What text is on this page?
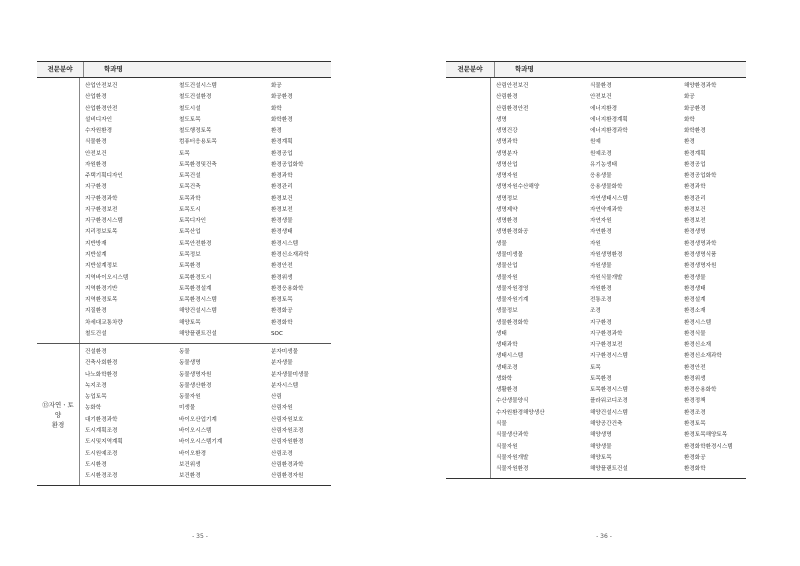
전문분야	학과명
산업안전보건	철도건설시스템	화공
산업환경	철도건설환경	화공환경
산업환경안전	철도시설	화학
설비디자인	철도토목	화학환경
수자원환경	철도행정토목	환경
식물환경	컴퓨터응용토목	환경계획
안전보건	토목	환경공업
자원환경	토목환경및건축	환경공업화학
주택기획디자인	토목건설	환경과학
지구환경	토목건축	환경관리
지구환경과학	토목과학	환경보건
지구환경보전	토목도시	환경보전
지구환경시스템	토목디자인	환경생물
지리정보토목	토목산업	환경생태
지반방재	토목안전환경	환경시스템
지반설계	토목정보	환경신소재과학
지반설계정보	토목환경	환경안전
지역바이오시스템	토목환경도시	환경위생
지역환경기반	토목환경설계	환경응용화학
지역환경토목	토목환경시스템	환경토목
지질환경	해양건설시스템	환경화공
차세대교통차량	해양토목	환경화학
철도건설	해양플랜트건설	SOC
⑬자연ㆍ토
양
환경
건설환경	동물	분자미생물
건축사회환경	동물생명	분자생물
나노화학환경	동물생명자원	분자생물미생물
녹지조경	동물생산환경	분자시스템
농업토목	동물자원	산림
농화학	미생물	산림자원
대기환경과학	바이오산업기계	산림자원보호
도시계획조경	바이오시스템	산림자원조경
도시및지역계획	바이오시스템기계	산림자원환경
도시원예조경	바이오환경	산림조경
도시환경	보건위생	산림환경과학
도시환경조경	보건환경	산림환경자원
- 35 -
전문분야	학과명
산림안전보건	식물환경	해양환경과학
산림환경	안전보건	화공
산림환경안전	에너지환경	화공환경
생명	에너지환경계획	화학
생명건강	에너지환경과학	화학환경
생명과학	원예	환경
생명분자	원예조경	환경계획
생명산업	유기농생태	환경공업
생명자원	응용생물	환경공업화학
생명자원수산해양	응용생물화학	환경과학
생명정보	자연생태시스템	환경관리
생명제약	자연약재과학	환경보건
생명환경	자연자원	환경보전
생명환경화공	자연환경	환경생명
생물	자원	환경생명과학
생물미생물	자원생명환경	환경생명식품
생물산업	자원생물	환경생명자원
생물자원	자원식물개발	환경생물
생물자원경영	자원환경	환경생태
생물자원기계	전통조경	환경설계
생물정보	조경	환경소재
생물환경화학	지구환경	환경시스템
생태	지구환경과학	환경식물
생태과학	지구환경보전	환경신소재
생태시스템	지구환경시스템	환경신소재과학
생태조경	토목	환경안전
생화학	토목환경	환경위생
생활환경	토목환경시스템	환경응용화학
수산생물양식	플라워코디조경	환경정책
수자원환경해양생산	해양건설시스템	환경조경
식물	해양공간건축	환경토목
식물생산과학	해양생명	환경토목해양토목
식물자원	해양생물	환경화학환경시스템
식물자원개발	해양토목	환경화공
식물자원환경	해양플랜트건설	환경화학
- 36 -
